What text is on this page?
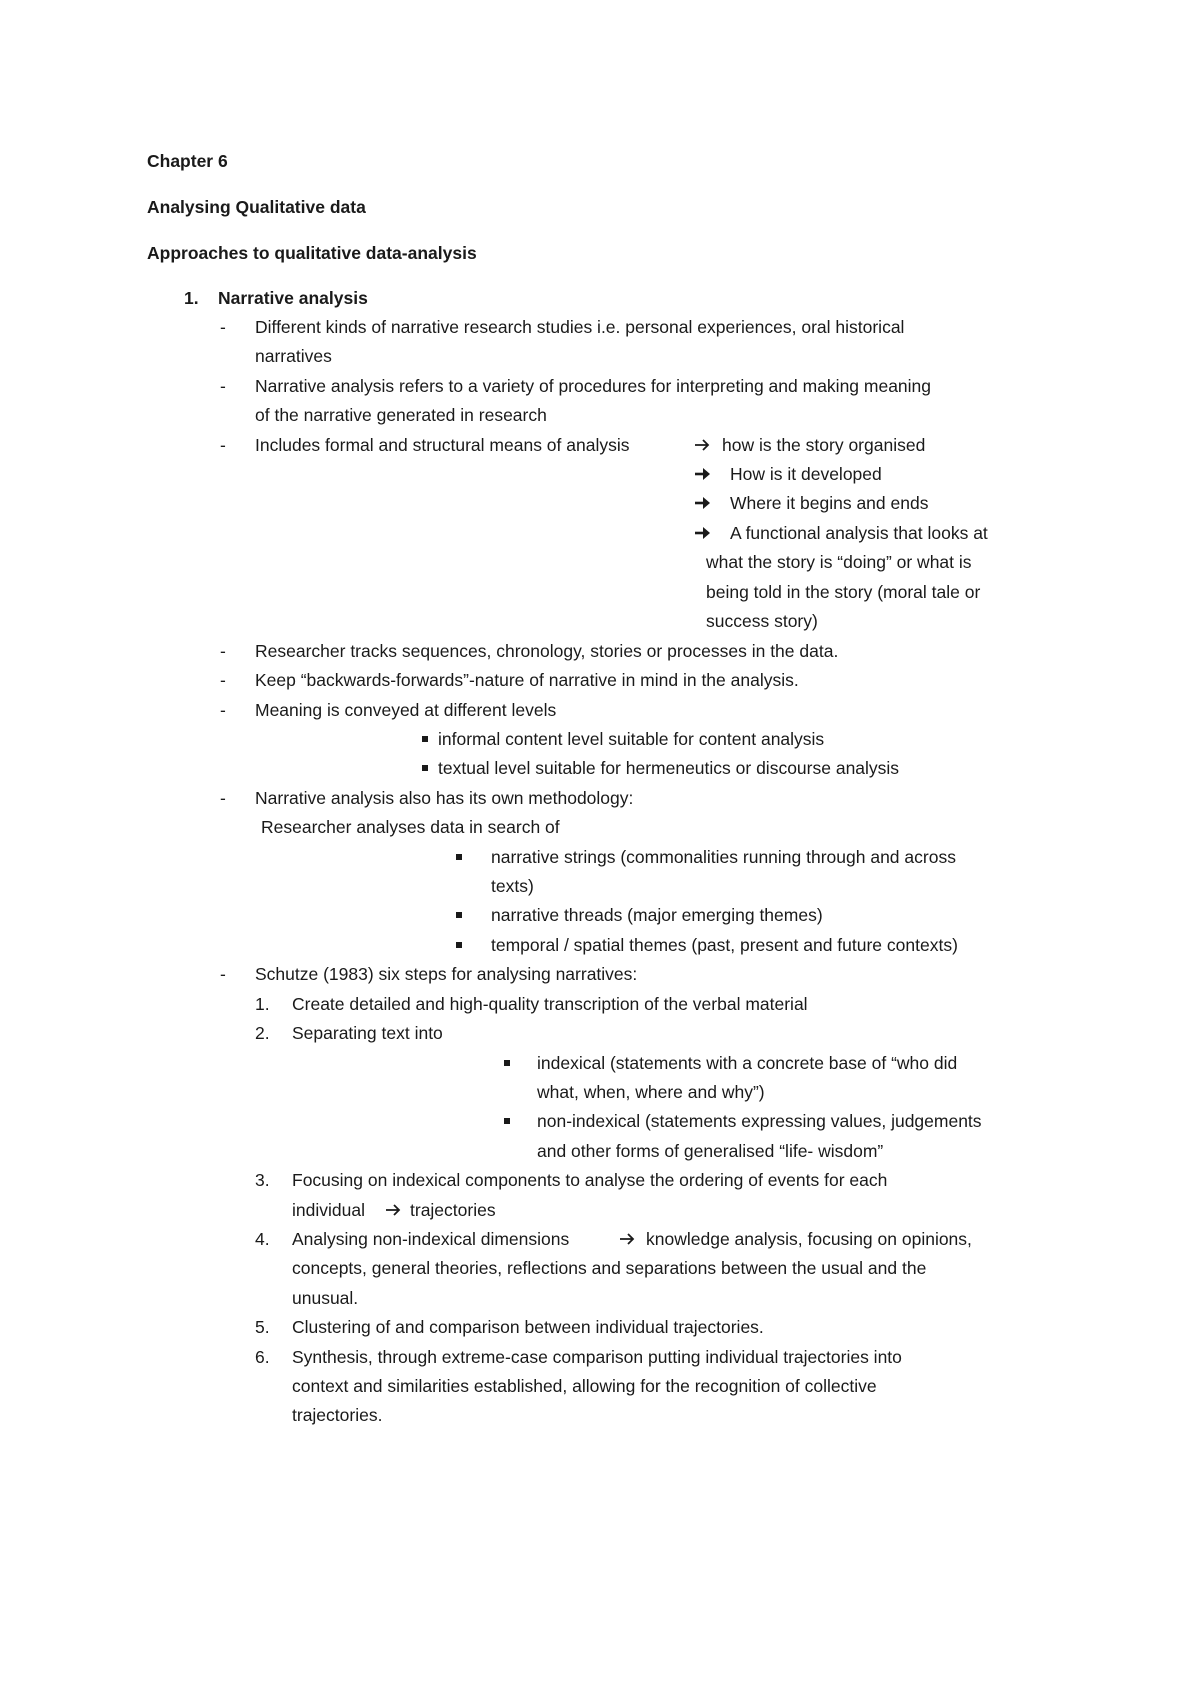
Chapter 6
Analysing Qualitative data
Approaches to qualitative data-analysis
1. Narrative analysis
- Different kinds of narrative research studies i.e. personal experiences, oral historical
narratives
- Narrative analysis refers to a variety of procedures for interpreting and making meaning
of the narrative generated in research
- Includes formal and structural means of analysis	how is the story organised
How is it developed
Where it begins and ends
A functional analysis that looks at
what the story is “doing” or what is
being told in the story (moral tale or
success story)
- Researcher tracks sequences, chronology, stories or processes in the data.
- Keep “backwards-forwards”-nature of narrative in mind in the analysis.
- Meaning is conveyed at different levels
informal content level suitable for content analysis
textual level suitable for hermeneutics or discourse analysis
- Narrative analysis also has its own methodology:
Researcher analyses data in search of
narrative strings (commonalities running through and across
texts)
narrative threads (major emerging themes)
temporal / spatial themes (past, present and future contexts)
- Schutze (1983) six steps for analysing narratives:
1. Create detailed and high-quality transcription of the verbal material
2. Separating text into
indexical (statements with a concrete base of “who did
what, when, where and why”)
non-indexical (statements expressing values, judgements
and other forms of generalised “life- wisdom”
3. Focusing on indexical components to analyse the ordering of events for each
individual	trajectories
4. Analysing non-indexical dimensions	knowledge analysis, focusing on opinions,
concepts, general theories, reflections and separations between the usual and the
unusual.
5. Clustering of and comparison between individual trajectories.
6. Synthesis, through extreme-case comparison putting individual trajectories into
context and similarities established, allowing for the recognition of collective
trajectories.
